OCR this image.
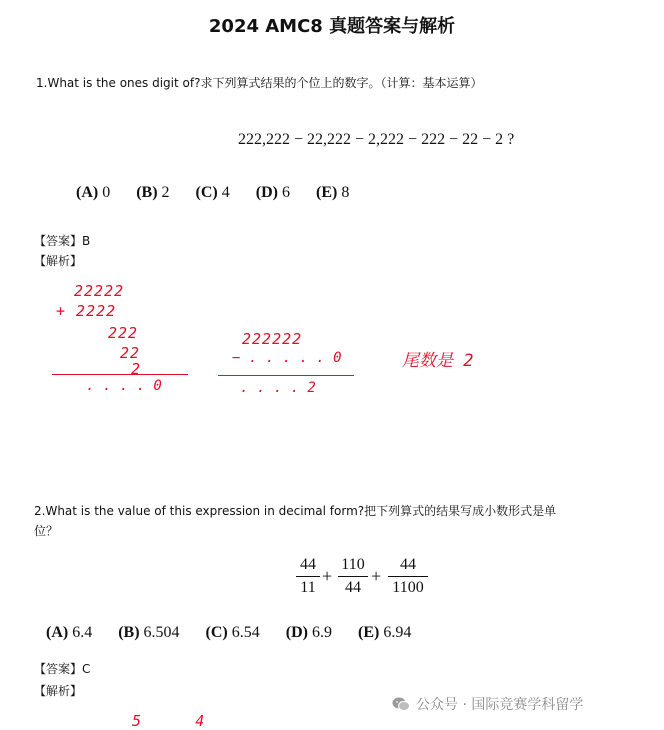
2024 AMC8 真题答案与解析
1.What is the ones digit of?求下列算式结果的个位上的数字。（计算：基本运算）
222,222 − 22,222 − 2,222 − 222 − 22 − 2 ?
(A) 0 (B) 2 (C) 4 (D) 6 (E) 8
【答案】B
【解析】
22222
+ 2222
222
22
2
. . . . 0
222222
− . . . . . 0
. . . . 2
尾数是 2
2.What is the value of this expression in decimal form?把下列算式的结果写成小数形式是单
位？
$\frac{44}{11} + \frac{110}{44} + \frac{44}{1100}$
(A) 6.4 (B) 6.504 (C) 6.54 (D) 6.9 (E) 6.94
【答案】C
【解析】
5      4
公众号 · 国际竞赛学科留学
